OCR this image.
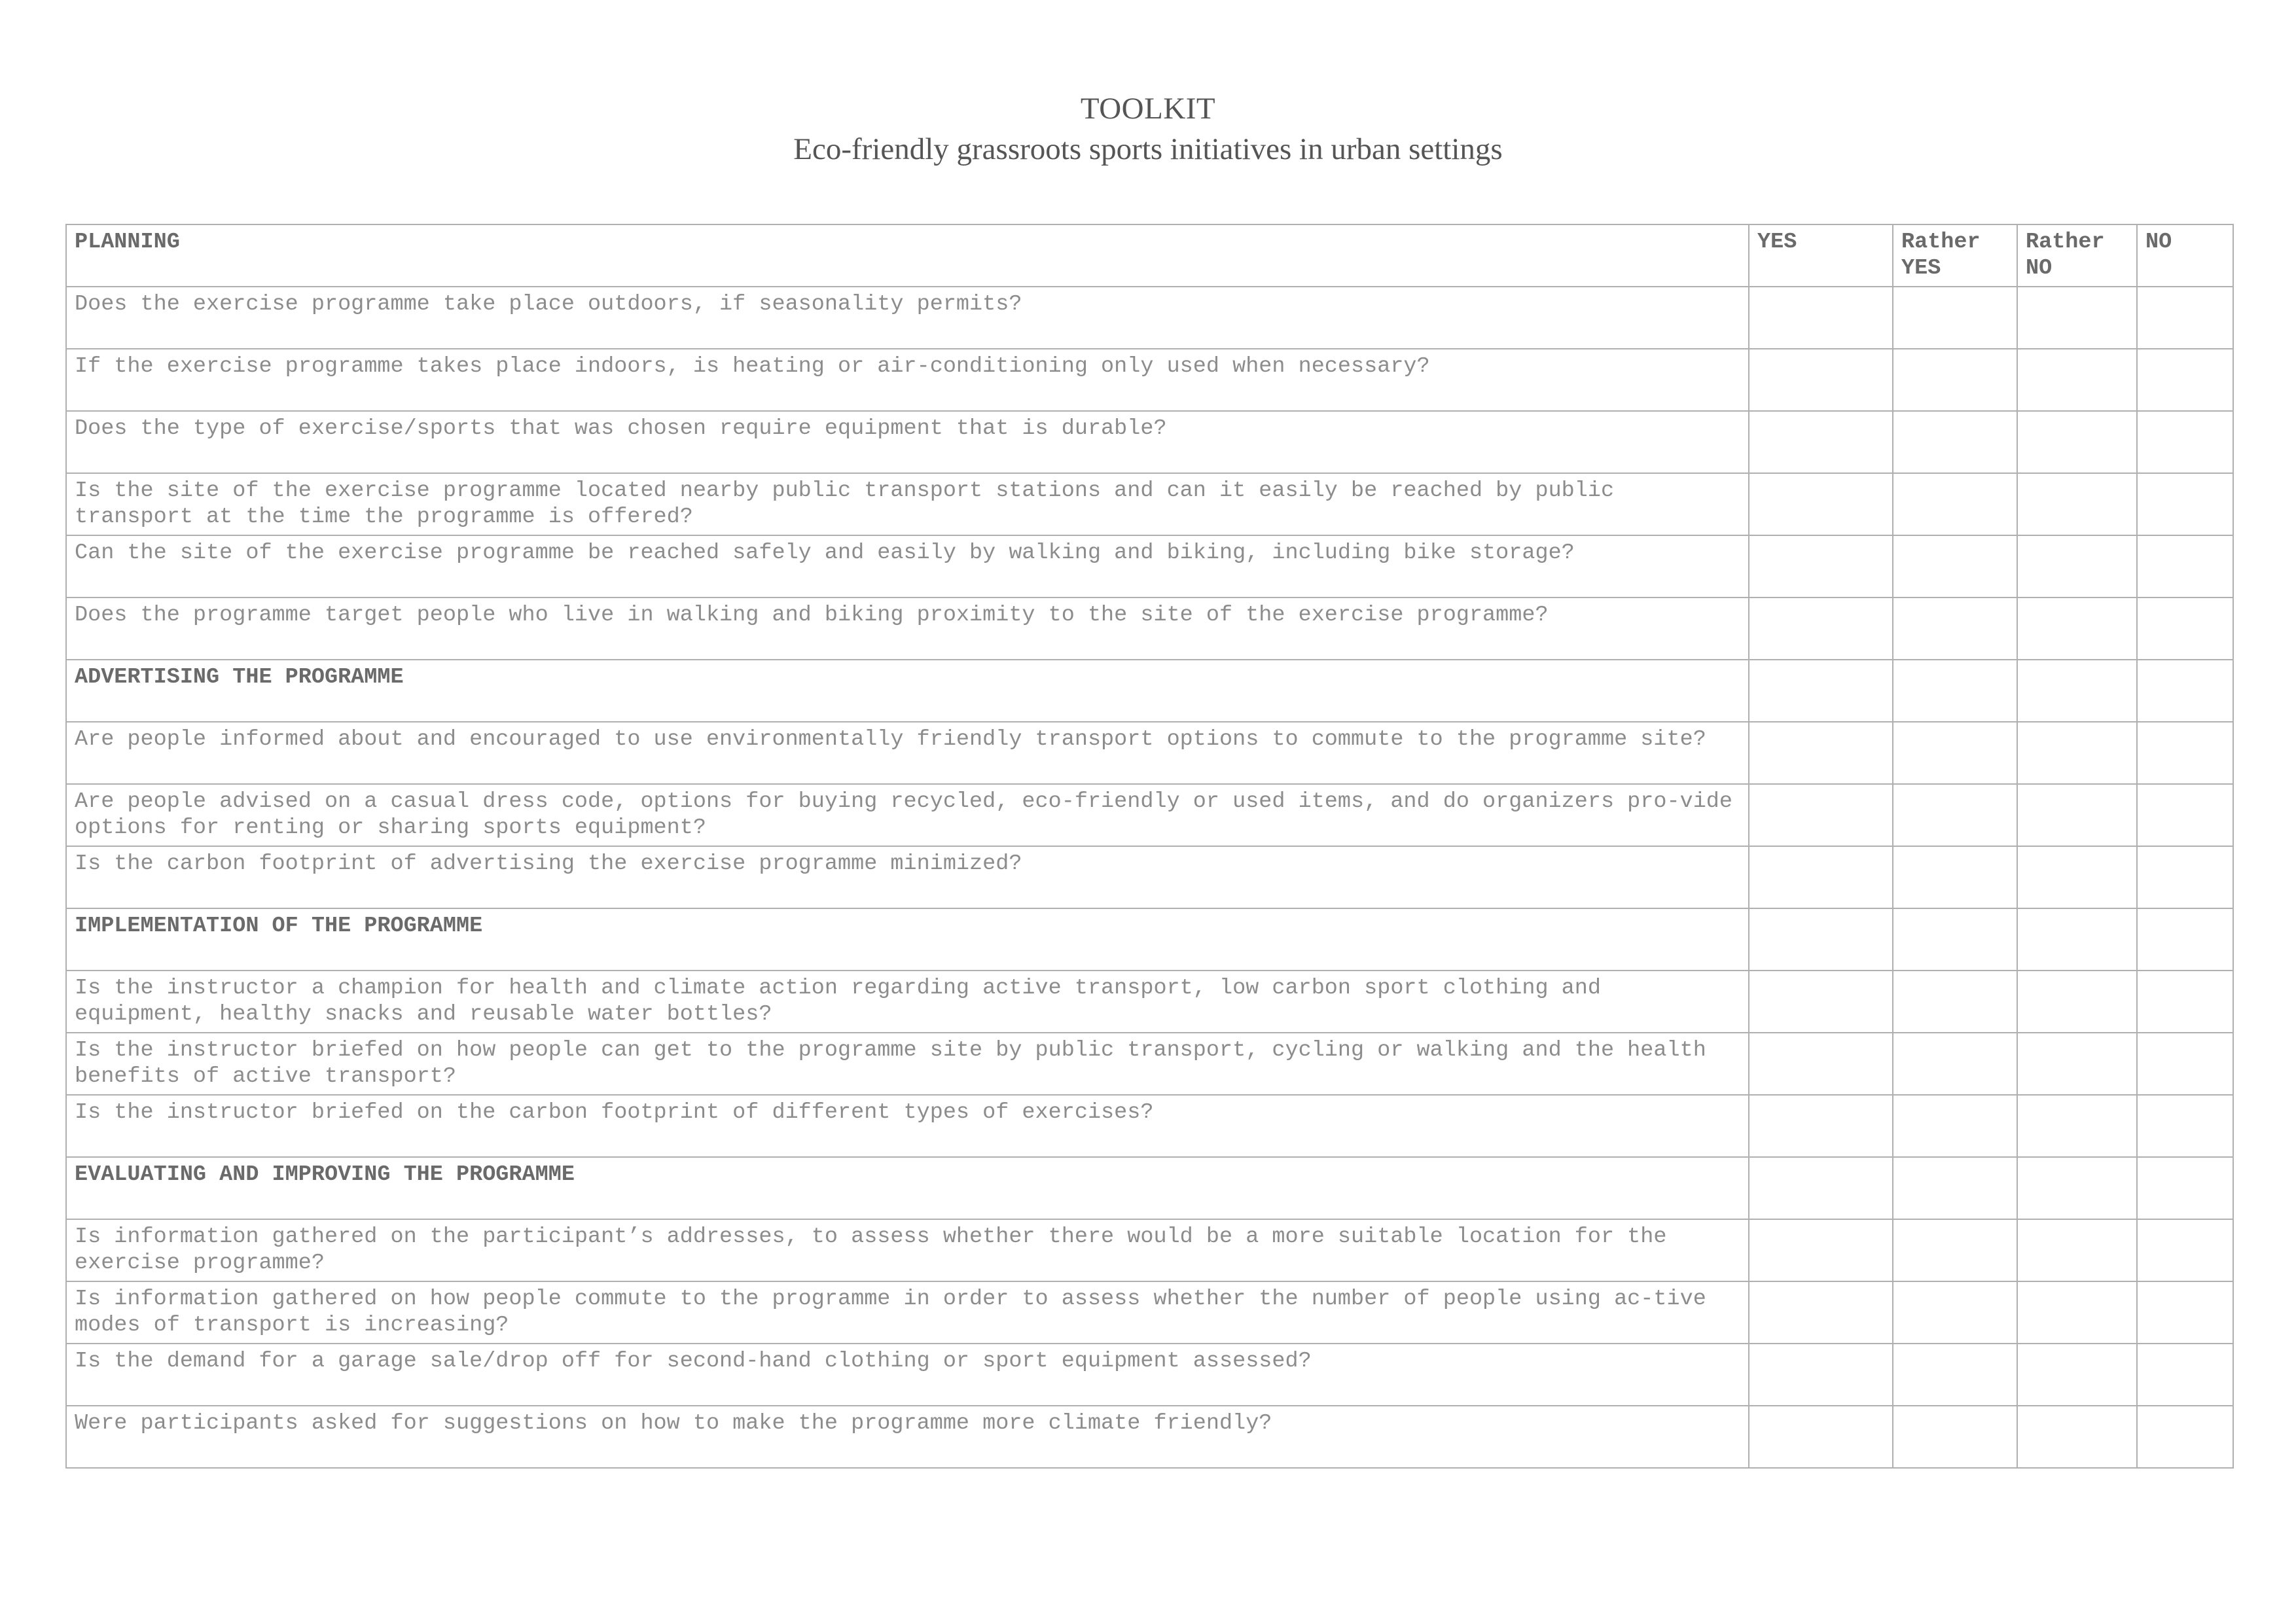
TOOLKIT
Eco-friendly grassroots sports initiatives in urban settings
PLANNING	YES	Rather YES	Rather NO	NO
Does the exercise programme take place outdoors, if seasonality permits?				
If the exercise programme takes place indoors, is heating or air-conditioning only used when necessary?				
Does the type of exercise/sports that was chosen require equipment that is durable?				
Is the site of the exercise programme located nearby public transport stations and can it easily be reached by public transport at the time the programme is offered?				
Can the site of the exercise programme be reached safely and easily by walking and biking, including bike storage?				
Does the programme target people who live in walking and biking proximity to the site of the exercise programme?				
ADVERTISING THE PROGRAMME				
Are people informed about and encouraged to use environmentally friendly transport options to commute to the programme site?				
Are people advised on a casual dress code, options for buying recycled, eco-friendly or used items, and do organizers pro-vide options for renting or sharing sports equipment?				
Is the carbon footprint of advertising the exercise programme minimized?				
IMPLEMENTATION OF THE PROGRAMME				
Is the instructor a champion for health and climate action regarding active transport, low carbon sport clothing and equipment, healthy snacks and reusable water bottles?				
Is the instructor briefed on how people can get to the programme site by public transport, cycling or walking and the health benefits of active transport?				
Is the instructor briefed on the carbon footprint of different types of exercises?				
EVALUATING AND IMPROVING THE PROGRAMME				
Is information gathered on the participant’s addresses, to assess whether there would be a more suitable location for the exercise programme?				
Is information gathered on how people commute to the programme in order to assess whether the number of people using ac-tive modes of transport is increasing?				
Is the demand for a garage sale/drop off for second-hand clothing or sport equipment assessed?				
Were participants asked for suggestions on how to make the programme more climate friendly?				
